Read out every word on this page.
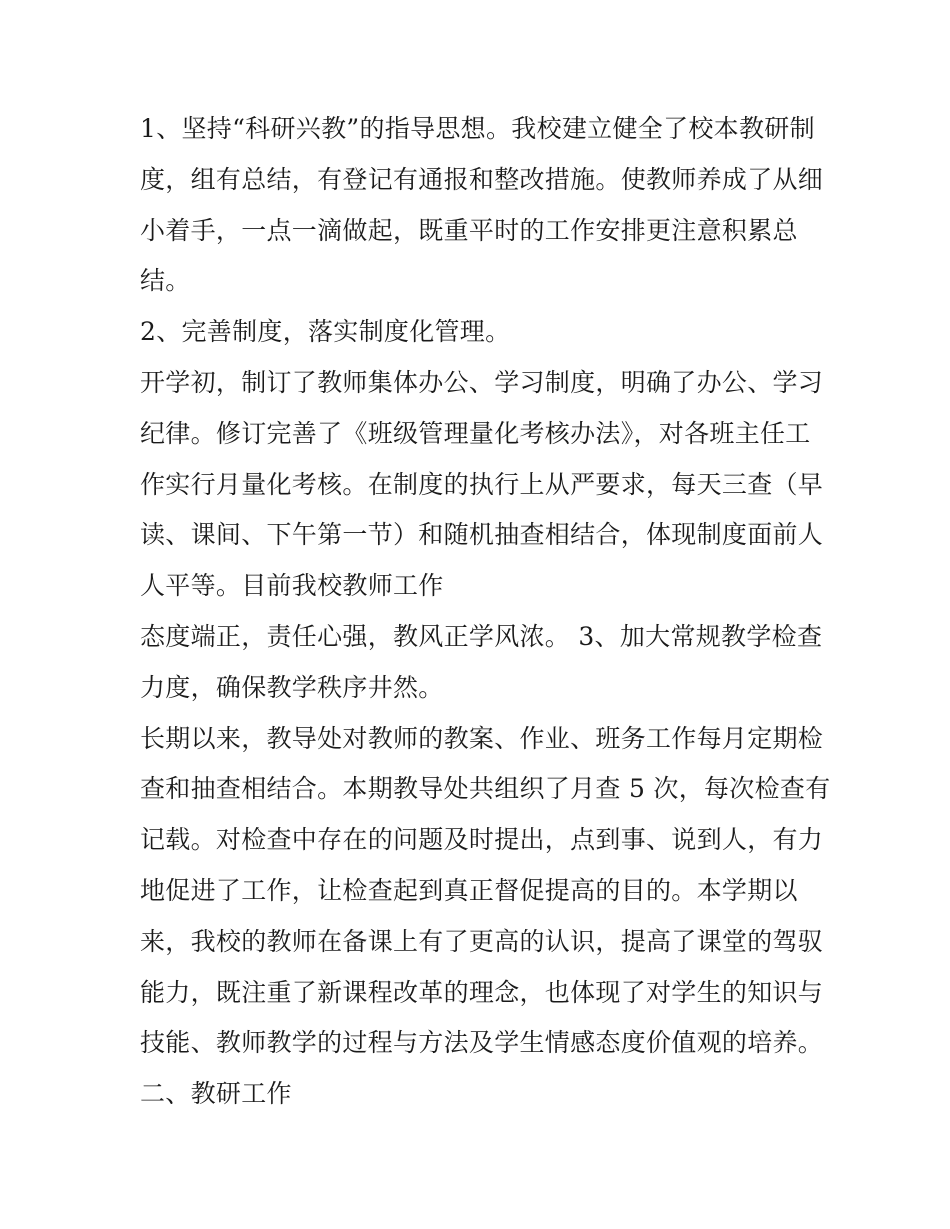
1、坚持“科研兴教”的指导思想。我校建立健全了校本教研制
度，组有总结，有登记有通报和整改措施。使教师养成了从细
小着手，一点一滴做起，既重平时的工作安排更注意积累总
结。
2、完善制度，落实制度化管理。
开学初，制订了教师集体办公、学习制度，明确了办公、学习
纪律。修订完善了《班级管理量化考核办法》，对各班主任工
作实行月量化考核。在制度的执行上从严要求，每天三查（早
读、课间、下午第一节）和随机抽查相结合，体现制度面前人
人平等。目前我校教师工作
态度端正，责任心强，教风正学风浓。 3、加大常规教学检查
力度，确保教学秩序井然。
长期以来，教导处对教师的教案、作业、班务工作每月定期检
查和抽查相结合。本期教导处共组织了月查 5 次，每次检查有
记载。对检查中存在的问题及时提出，点到事、说到人，有力
地促进了工作，让检查起到真正督促提高的目的。本学期以
来，我校的教师在备课上有了更高的认识，提高了课堂的驾驭
能力，既注重了新课程改革的理念，也体现了对学生的知识与
技能、教师教学的过程与方法及学生情感态度价值观的培养。
二、教研工作
